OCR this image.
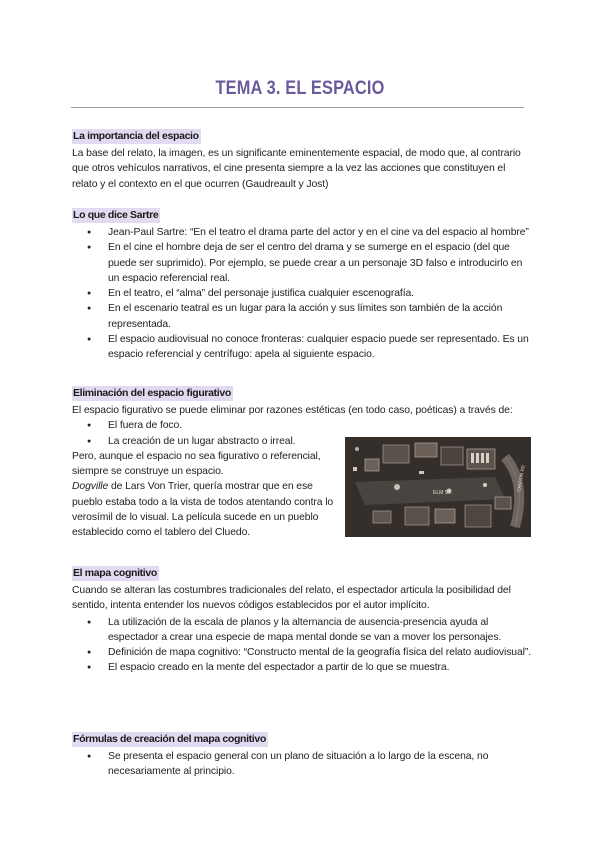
TEMA 3. EL ESPACIO
La importancia del espacio

La base del relato, la imagen, es un significante eminentemente espacial, de modo que, al contrario que otros vehículos narrativos, el cine presenta siempre a la vez las acciones que constituyen el relato y el contexto en el que ocurren (Gaudreault y Jost)

Lo que dice Sartre
● Jean-Paul Sartre: “En el teatro el drama parte del actor y en el cine va del espacio al hombre”
● En el cine el hombre deja de ser el centro del drama y se sumerge en el espacio (del que puede ser suprimido). Por ejemplo, se puede crear a un personaje 3D falso e introducirlo en un espacio referencial real.
● En el teatro, el “alma” del personaje justifica cualquier escenografía.
● En el escenario teatral es un lugar para la acción y sus límites son también de la acción representada.
● El espacio audiovisual no conoce fronteras: cualquier espacio puede ser representado. Es un espacio referencial y centrífugo: apela al siguiente espacio.
Eliminación del espacio figurativo

El espacio figurativo se puede eliminar por razones estéticas (en todo caso, poéticas) a través de:

● El fuera de foco.
● La creación de un lugar abstracto o irreal.

Pero, aunque el espacio no sea figurativo o referencial, siempre se construye un espacio.
Dogville de Lars Von Trier, quería mostrar que en ese pueblo estaba todo a la vista de todos atentando contra lo verosímil de lo visual. La película sucede en un pueblo establecido como el tablero del Cluedo.

ELM ST.
CANYON RD
El mapa cognitivo

Cuando se alteran las costumbres tradicionales del relato, el espectador articula la posibilidad del sentido, intenta entender los nuevos códigos establecidos por el autor implícito.

● La utilización de la escala de planos y la alternancia de ausencia-presencia ayuda al espectador a crear una especie de mapa mental donde se van a mover los personajes.
● Definición de mapa cognitivo: “Constructo mental de la geografía física del relato audiovisual”.
● El espacio creado en la mente del espectador a partir de lo que se muestra.
Fórmulas de creación del mapa cognitivo
● Se presenta el espacio general con un plano de situación a lo largo de la escena, no necesariamente al principio.
